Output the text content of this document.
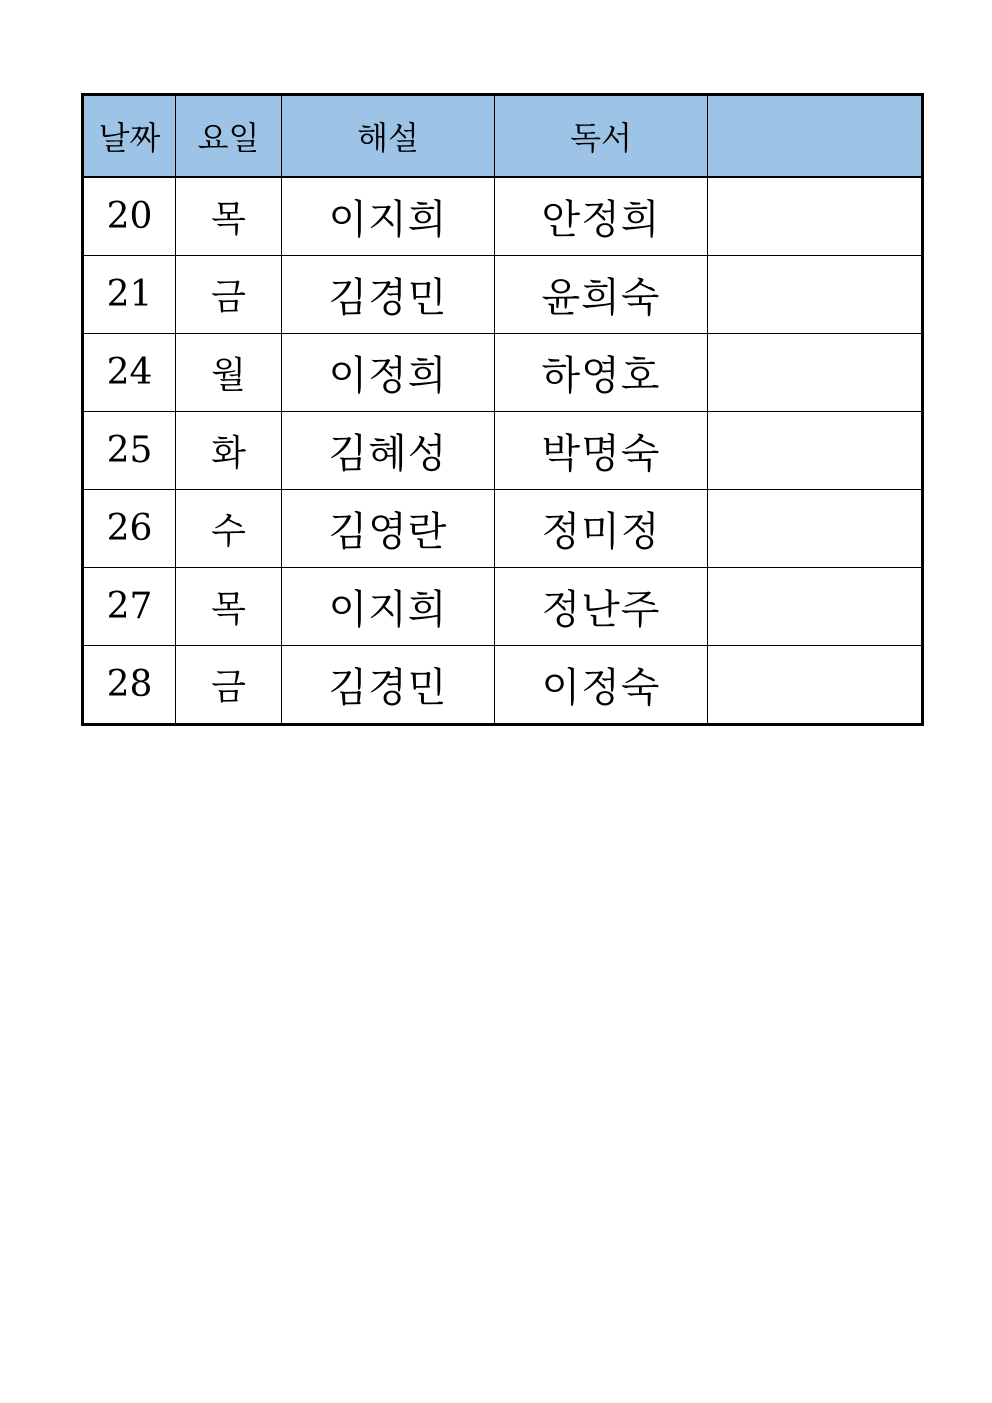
날짜	요일	해설	독서	
20	목	이지희	안정희	
21	금	김경민	윤희숙	
24	월	이정희	하영호	
25	화	김혜성	박명숙	
26	수	김영란	정미정	
27	목	이지희	정난주	
28	금	김경민	이정숙	
